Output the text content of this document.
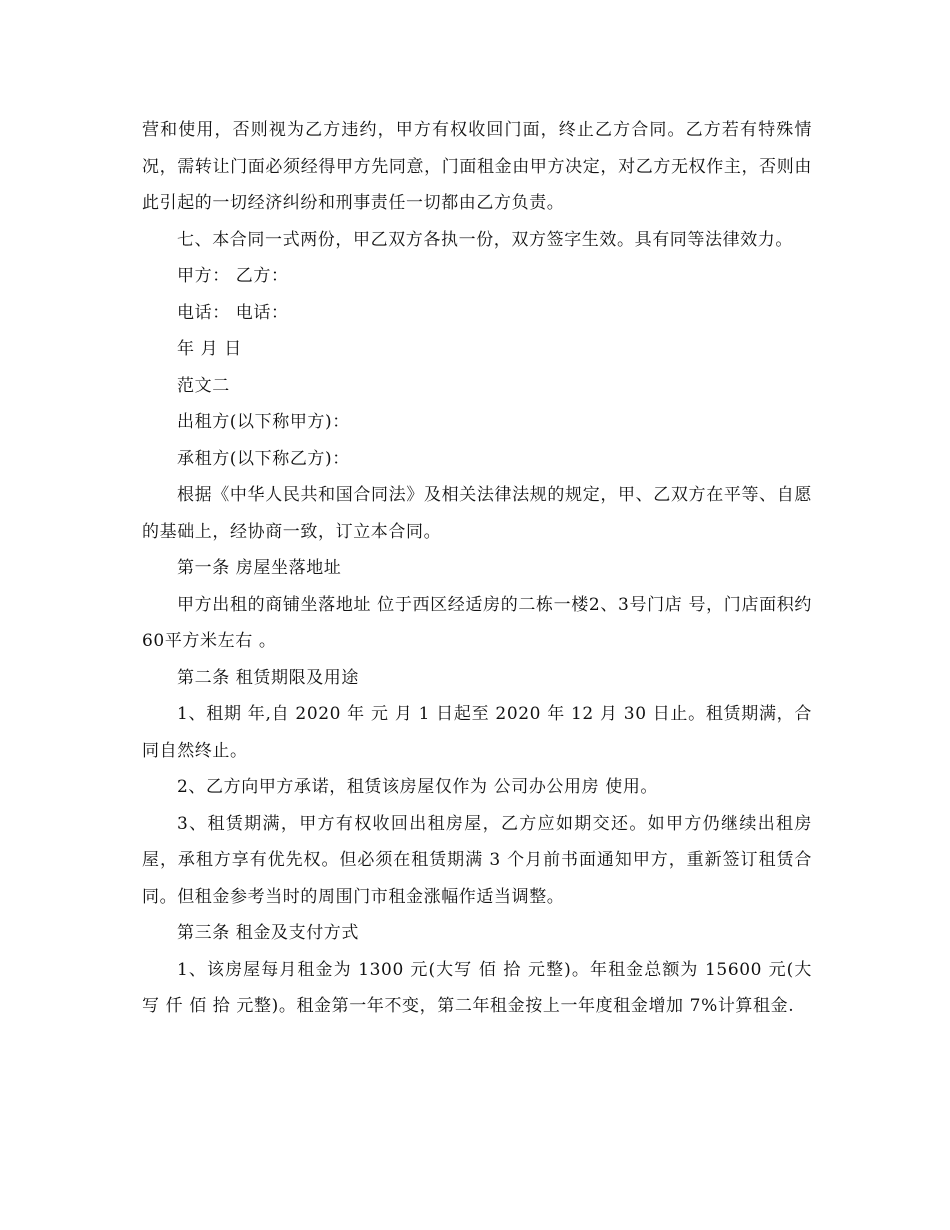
营和使用，否则视为乙方违约，甲方有权收回门面，终止乙方合同。乙方若有特殊情况，需转让门面必须经得甲方先同意，门面租金由甲方决定，对乙方无权作主，否则由此引起的一切经济纠纷和刑事责任一切都由乙方负责。

七、本合同一式两份，甲乙双方各执一份，双方签字生效。具有同等法律效力。

甲方： 乙方：

电话： 电话：

年 月 日

范文二

出租方(以下称甲方)：

承租方(以下称乙方)：

根据《中华人民共和国合同法》及相关法律法规的规定，甲、乙双方在平等、自愿的基础上，经协商一致，订立本合同。

第一条 房屋坐落地址

甲方出租的商铺坐落地址 位于西区经适房的二栋一楼2、3号门店 号，门店面积约60平方米左右 。

第二条 租赁期限及用途

1、租期 年,自 2020 年 元 月 1 日起至 2020 年 12 月 30 日止。租赁期满，合同自然终止。

2、乙方向甲方承诺，租赁该房屋仅作为 公司办公用房 使用。

3、租赁期满，甲方有权收回出租房屋，乙方应如期交还。如甲方仍继续出租房屋，承租方享有优先权。但必须在租赁期满 3 个月前书面通知甲方，重新签订租赁合同。但租金参考当时的周围门市租金涨幅作适当调整。

第三条 租金及支付方式

1、该房屋每月租金为 1300 元(大写 佰 拾 元整)。年租金总额为 15600 元(大写 仟 佰 拾 元整)。租金第一年不变，第二年租金按上一年度租金增加 7%计算租金.
